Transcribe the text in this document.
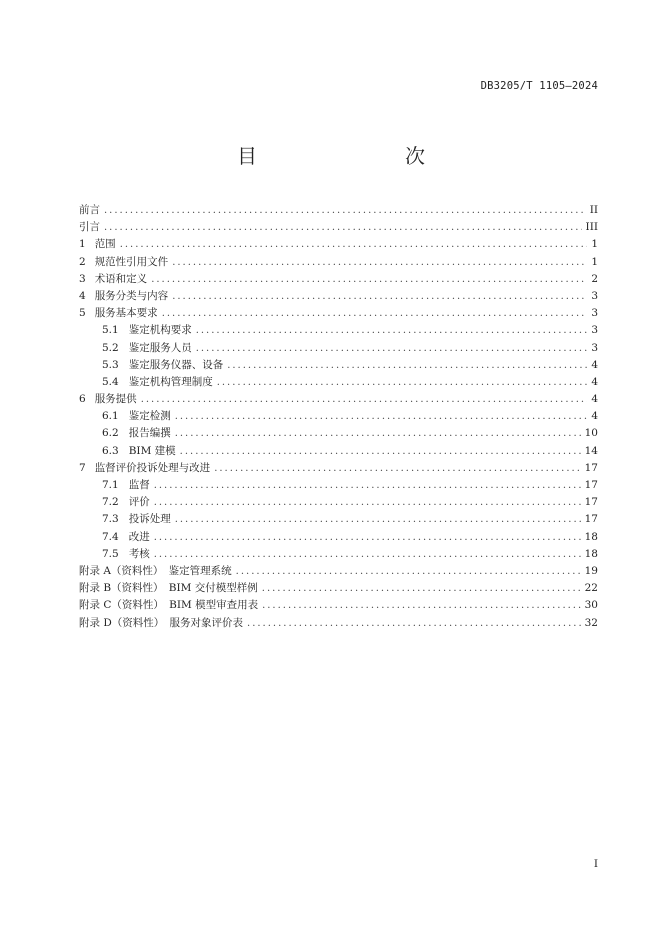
DB3205/T 1105—2024
目　　次
前言 .....	II
引言 .....	III
1 范围 .....	1
2 规范性引用文件 .....	1
3 术语和定义 .....	2
4 服务分类与内容 .....	3
5 服务基本要求 .....	3
5.1 鉴定机构要求 .....	3
5.2 鉴定服务人员 .....	3
5.3 鉴定服务仪器、设备 .....	4
5.4 鉴定机构管理制度 .....	4
6 服务提供 .....	4
6.1 鉴定检测 .....	4
6.2 报告编撰 .....	10
6.3 BIM 建模 .....	14
7 监督评价投诉处理与改进 .....	17
7.1 监督 .....	17
7.2 评价 .....	17
7.3 投诉处理 .....	17
7.4 改进 .....	18
7.5 考核 .....	18
附录 A（资料性）　鉴定管理系统 .....	19
附录 B（资料性）　BIM 交付模型样例 .....	22
附录 C（资料性）　BIM 模型审查用表 .....	30
附录 D（资料性）　服务对象评价表 .....	32
I
